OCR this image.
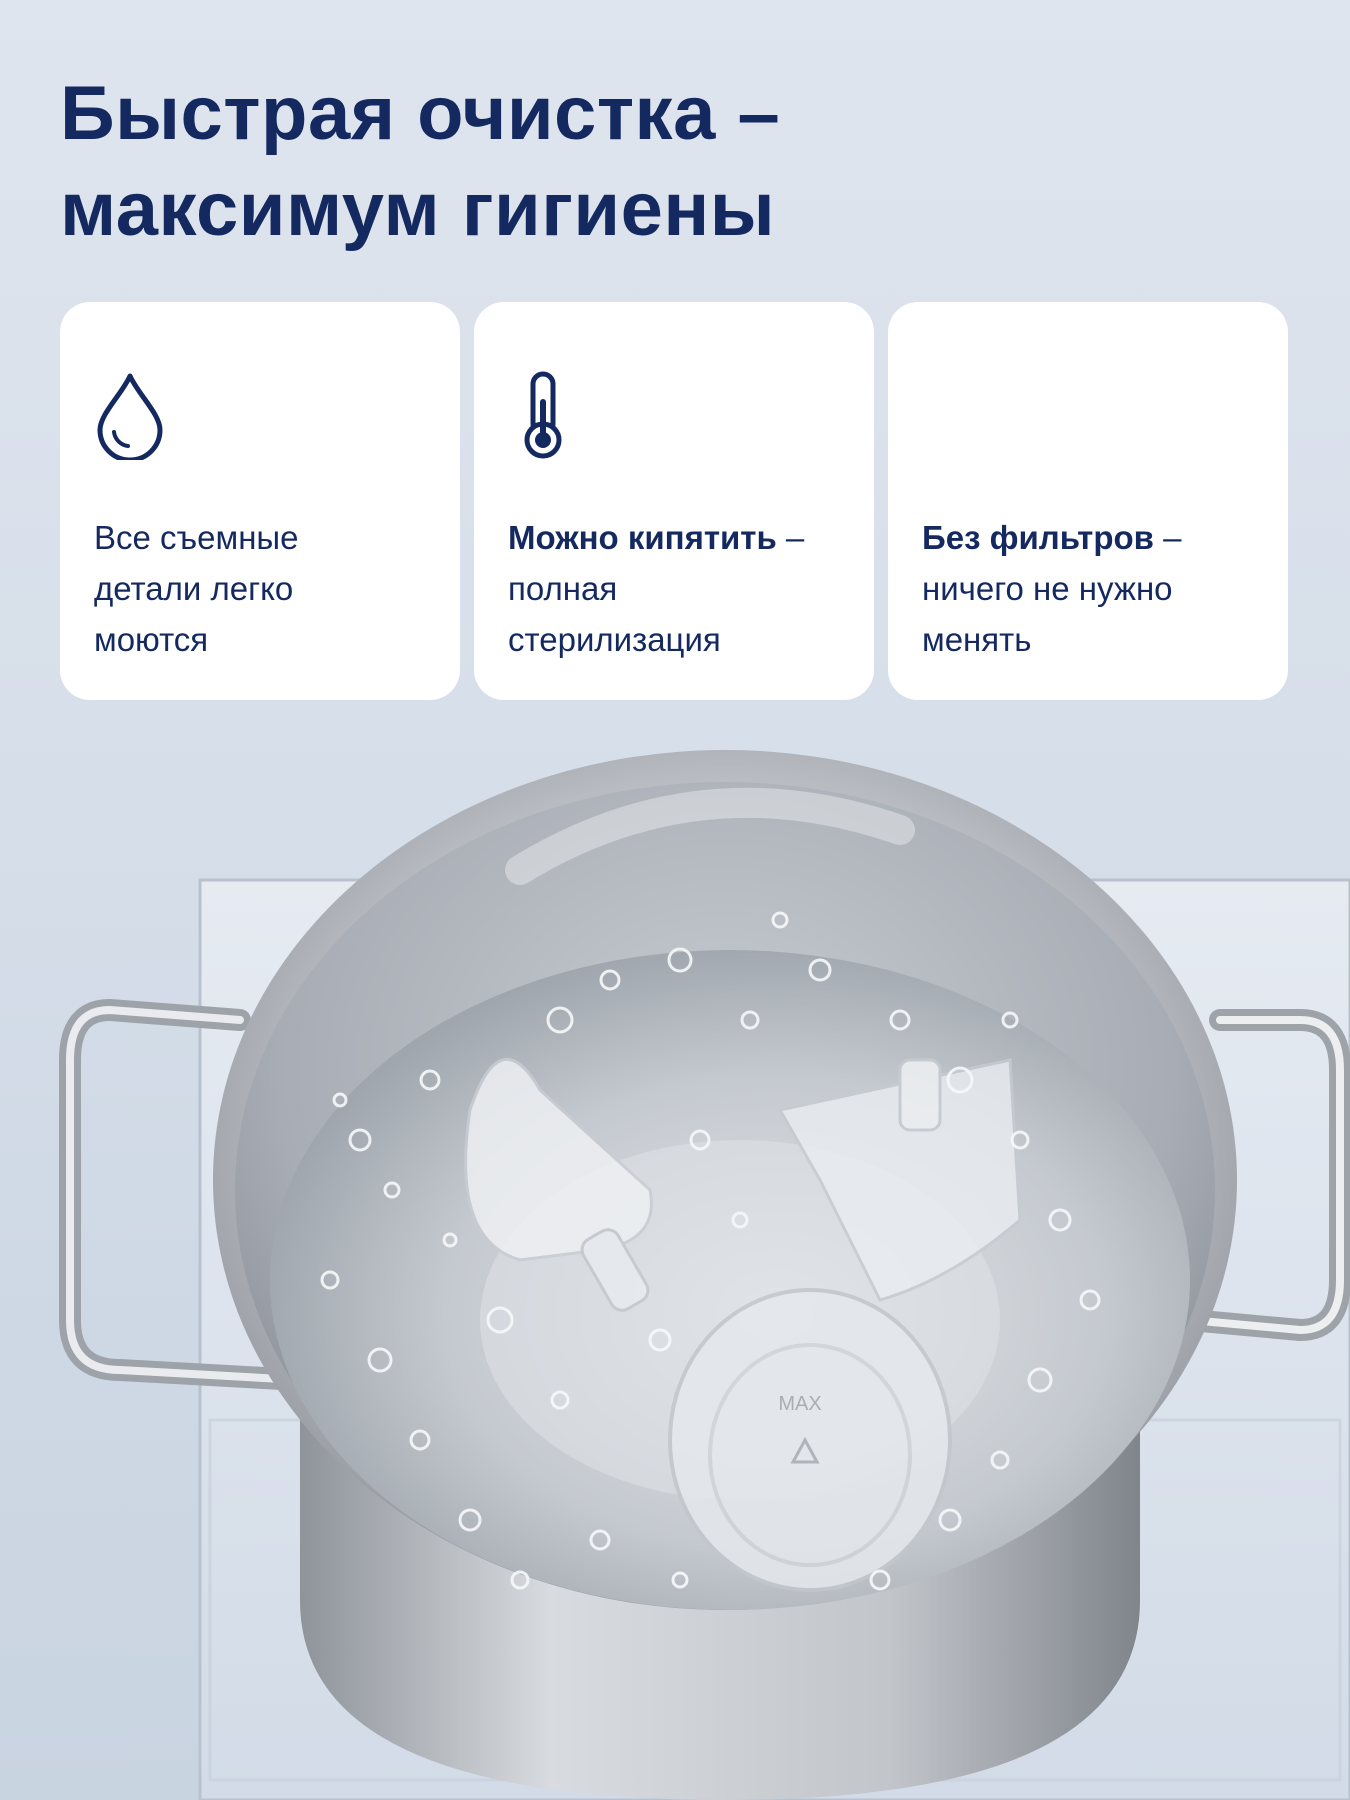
Быстрая очистка –
максимум гигиены
Все съемные
детали легко
моются
Можно кипятить –
полная
стерилизация
Без фильтров –
ничего не нужно
менять
MAX
